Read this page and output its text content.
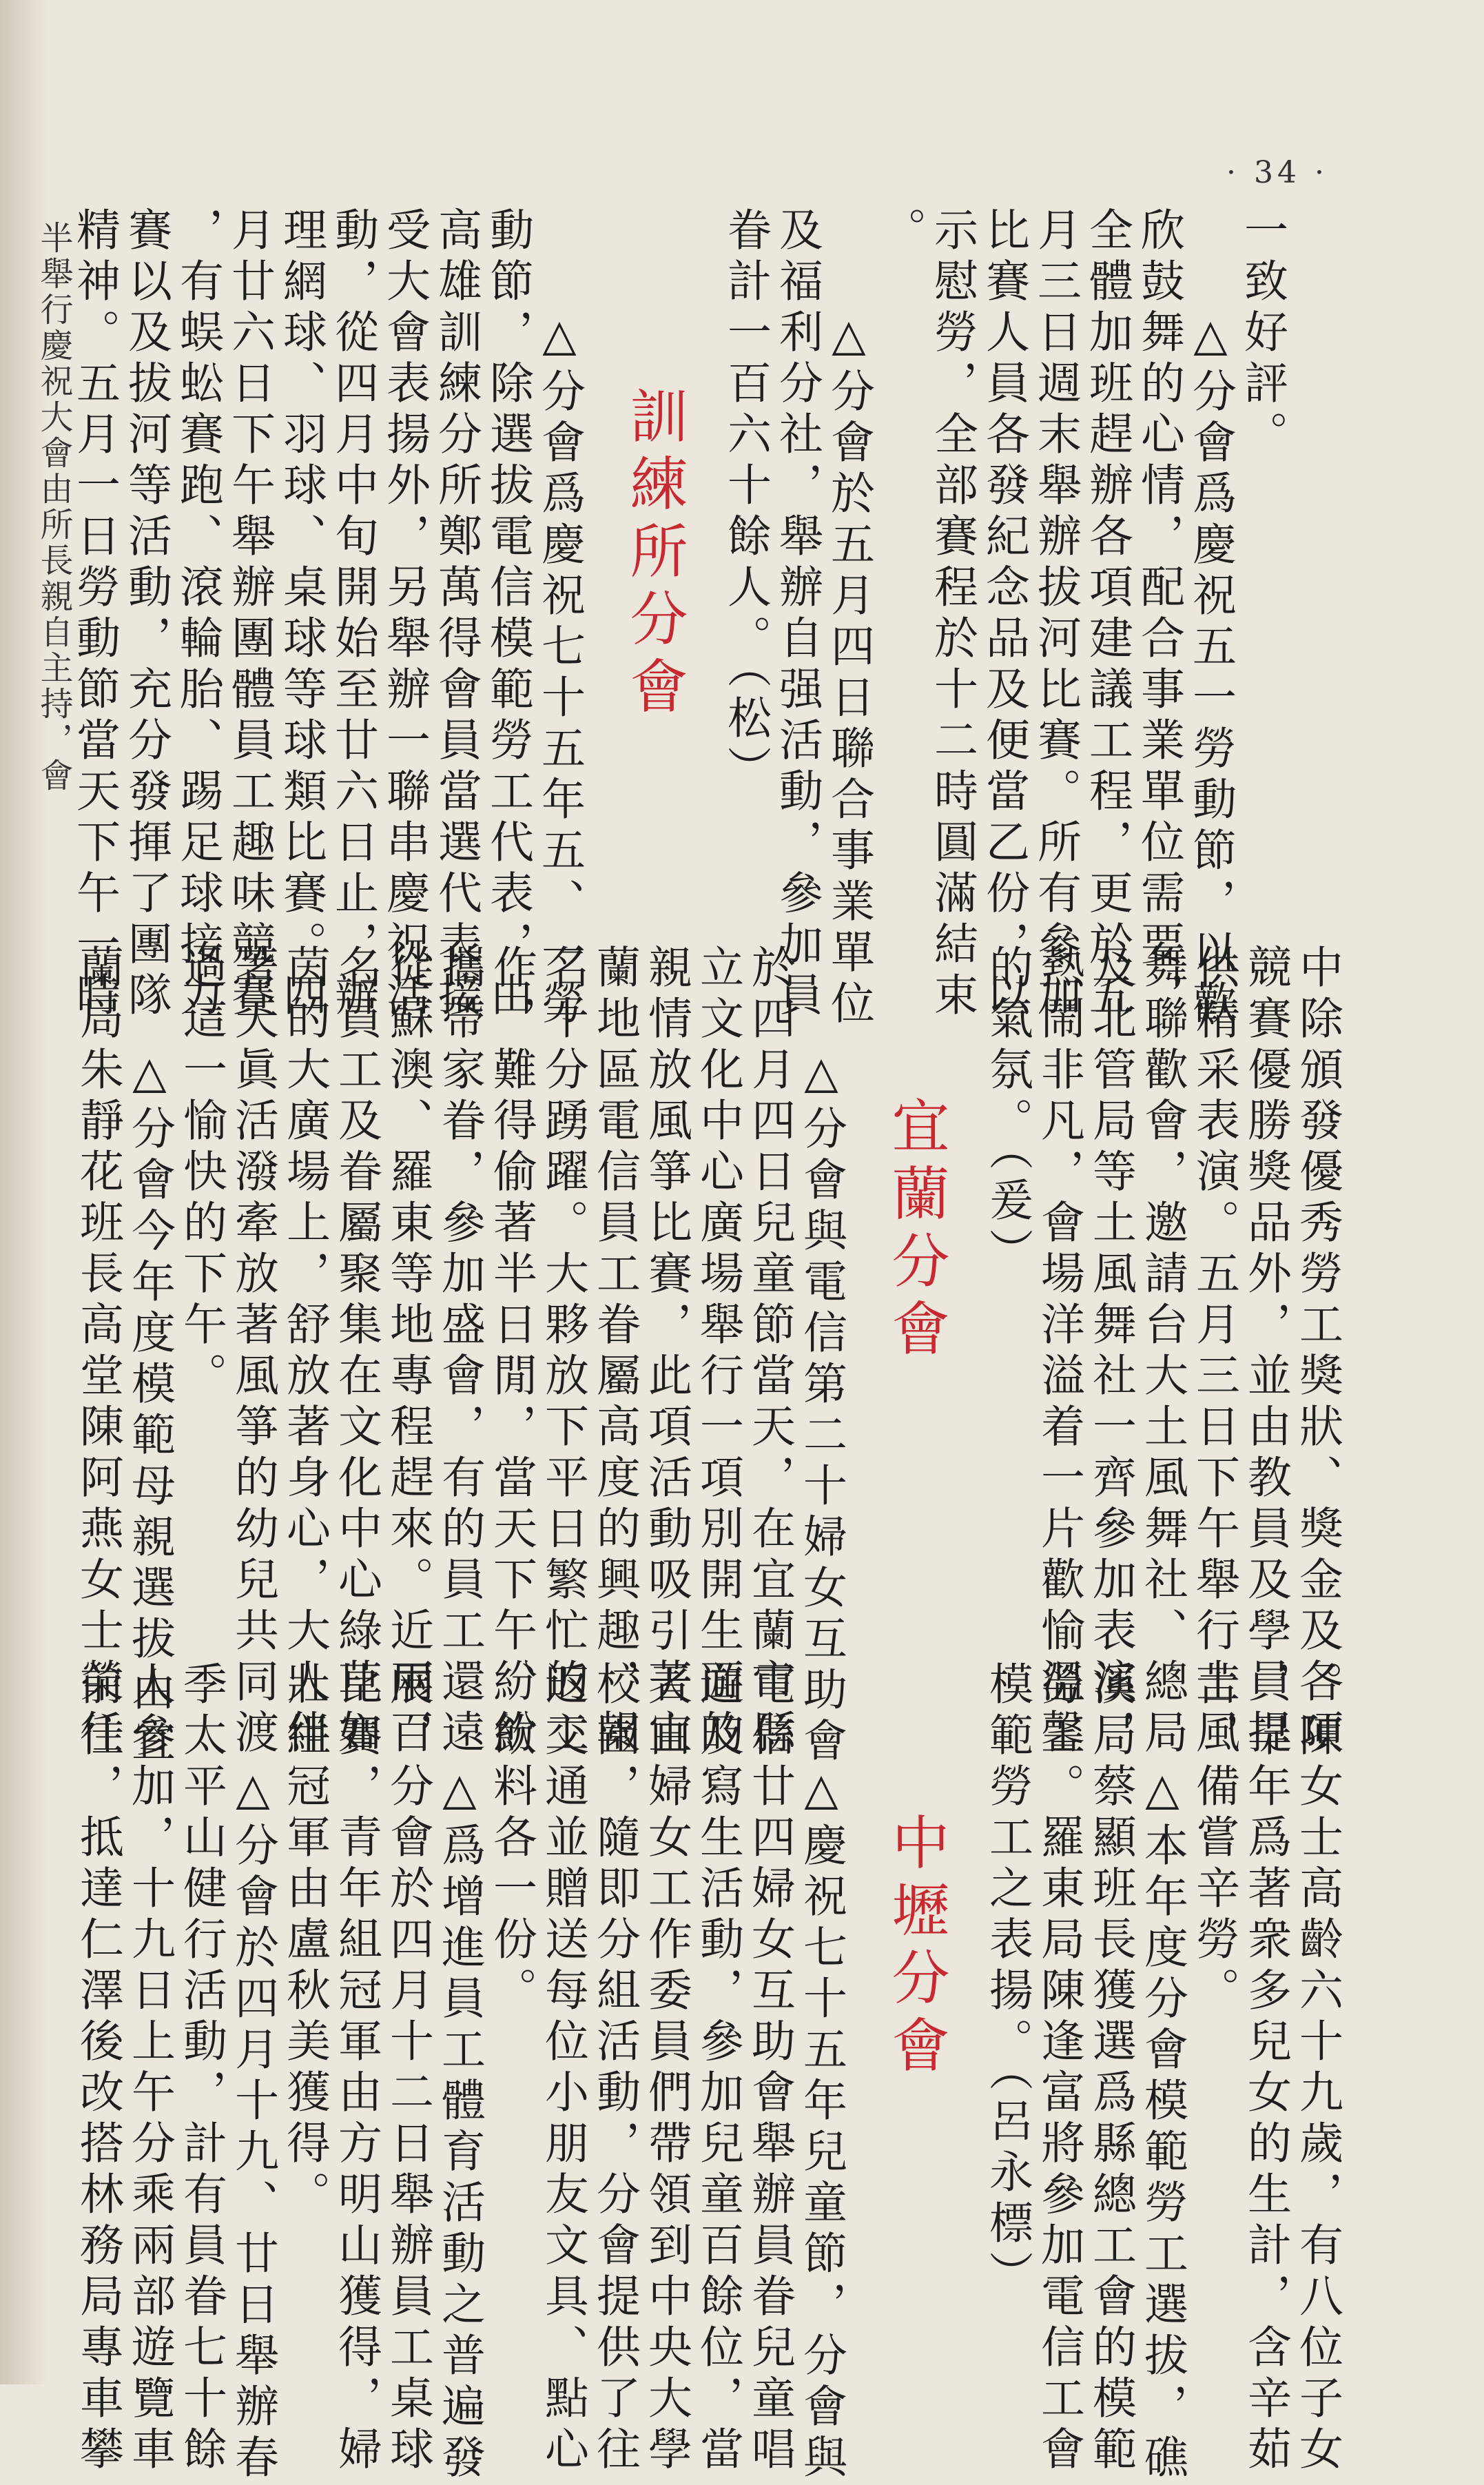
· 34 ·
一致好評。
△分會爲慶祝五一勞動節，以歡
欣鼓舞的心情，配合事業單位需要，
全體加班趕辦各項建議工程，更於五
月三日週末舉辦拔河比賽。所有參加
比賽人員各發紀念品及便當乙份，以
示慰勞，全部賽程於十二時圓滿結束
。
△分會於五月四日聯合事業單位
及福利分社，舉辦自强活動，參加員
眷計一百六十餘人。（松）
訓練所分會
△分會爲慶祝七十五年五、一勞
動節，除選拔電信模範勞工代表，由
高雄訓練分所鄭萬得會員當選代表接
受大會表揚外，另舉辦一聯串慶祝活
動，從四月中旬開始至廿六日止，辦
理網球、羽球、桌球等球類比賽。四
月廿六日下午舉辦團體員工趣味競賽
，有蜈蚣賽跑、滾輪胎、踢足球接力
賽以及拔河等活動，充分發揮了團隊
精神。五月一日勞動節當天下午一時
半舉行慶祝大會由所長親自主持，會
中除頒發優秀勞工獎狀、獎金及各項
競賽優勝獎品外，並由教員及學員提
供精采表演。五月三日下午舉行土風
舞聯歡會，邀請台大土風舞社、總局
及北管局等土風舞社一齊參加表演，
熱鬧非凡，會場洋溢着一片歡愉溫馨
的氣氛。（爰）
宜蘭分會
△分會與電信第二十婦女互助會
於四月四日兒童節當天，在宜蘭市縣
立文化中心廣場舉行一項別開生面的
親情放風箏比賽，此項活動吸引著宜
蘭地區電信員工眷屬高度的興趣，報
名十分踴躍。大夥放下平日繁忙的工
作，難得偷著半日閒，當天下午紛紛
攜帶家眷，參加盛會，有的員工還遠
從蘇澳、羅東等地專程趕來。近兩百
名員工及眷屬聚集在文化中心綠草如
茵的大廣場上，舒放著身心，大人伴
著天眞活潑牽放著風箏的幼兒共同渡
過這一愉快的下午。
△分會今年度模範母親選拔由宜
蘭局朱靜花班長高堂陳阿燕女士榮任
。陳女士高齡六十九歲，有八位子女
，早年爲著衆多兒女的生計，含辛茹
苦，備嘗辛勞。
△本年度分會模範勞工選拔，礁
溪局蔡顯班長獲選爲縣總工會的模範
勞工。羅東局陳逢富將參加電信工會
模範勞工之表揚。（呂永標）
中壢分會
△慶祝七十五年兒童節，分會與
電信廿四婦女互助會舉辦員眷兒童唱
遊及寫生活動，參加兒童百餘位，當
天由婦女工作委員們帶領到中央大學
校園，隨即分組活動，分會提供了往
返交通並贈送每位小朋友文具、點心
、飲料各一份。
△爲增進員工體育活動之普遍發
展，分會於四月十二日舉辦員工桌球
比賽，青年組冠軍由方明山獲得，婦
壯組冠軍由盧秋美獲得。
△分會於四月十九、廿日舉辦春
季太平山健行活動，計有員眷七十餘
人參加，十九日上午分乘兩部遊覽車
前往，抵達仁澤後改搭林務局專車攀
